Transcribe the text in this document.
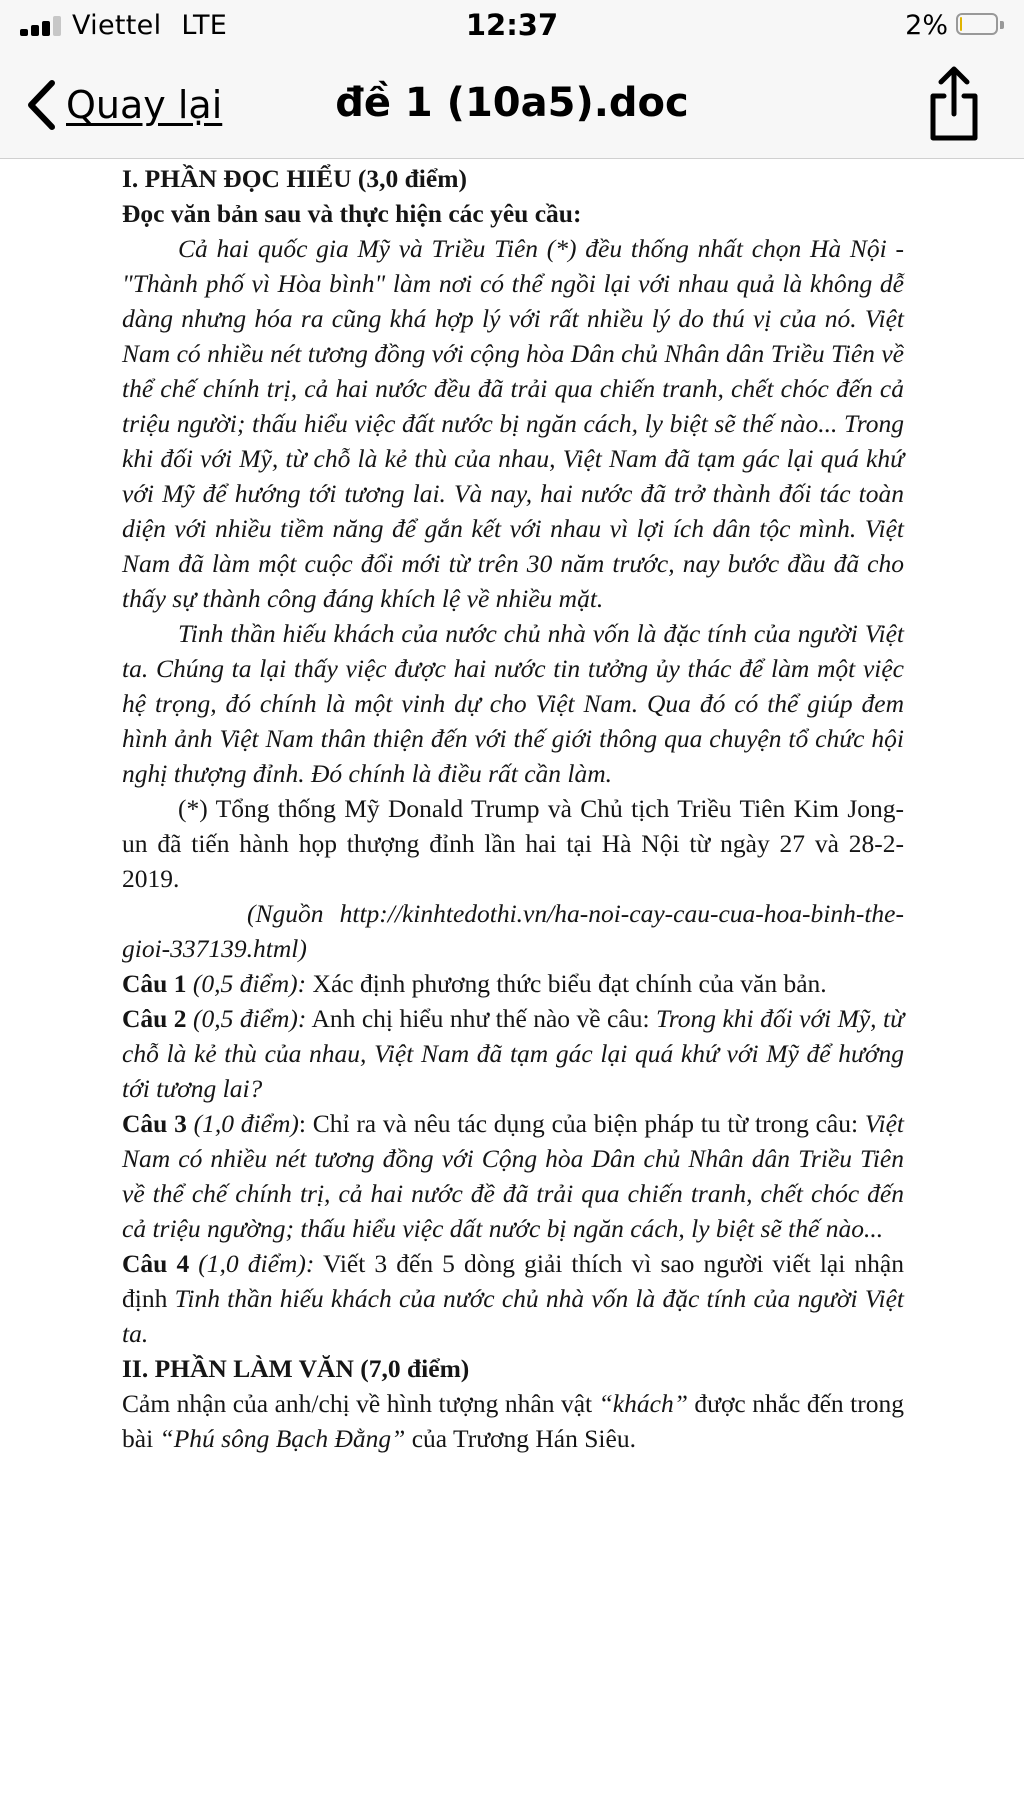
Viettel LTE	12:37	2%
Quay lại	đề 1 (10a5).doc

I. PHẦN ĐỌC HIỂU (3,0 điểm)

Đọc văn bản sau và thực hiện các yêu cầu:

Cả hai quốc gia Mỹ và Triều Tiên (*) đều thống nhất chọn Hà Nội - "Thành phố vì Hòa bình" làm nơi có thể ngồi lại với nhau quả là không dễ dàng nhưng hóa ra cũng khá hợp lý với rất nhiều lý do thú vị của nó. Việt Nam có nhiều nét tương đồng với cộng hòa Dân chủ Nhân dân Triều Tiên về thể chế chính trị, cả hai nước đều đã trải qua chiến tranh, chết chóc đến cả triệu người; thấu hiểu việc đất nước bị ngăn cách, ly biệt sẽ thế nào... Trong khi đối với Mỹ, từ chỗ là kẻ thù của nhau, Việt Nam đã tạm gác lại quá khứ với Mỹ để hướng tới tương lai. Và nay, hai nước đã trở thành đối tác toàn diện với nhiều tiềm năng để gắn kết với nhau vì lợi ích dân tộc mình. Việt Nam đã làm một cuộc đổi mới từ trên 30 năm trước, nay bước đầu đã cho thấy sự thành công đáng khích lệ về nhiều mặt.

Tinh thần hiếu khách của nước chủ nhà vốn là đặc tính của người Việt ta. Chúng ta lại thấy việc được hai nước tin tưởng ủy thác để làm một việc hệ trọng, đó chính là một vinh dự cho Việt Nam. Qua đó có thể giúp đem hình ảnh Việt Nam thân thiện đến với thế giới thông qua chuyện tổ chức hội nghị thượng đỉnh. Đó chính là điều rất cần làm.

(*) Tổng thống Mỹ Donald Trump và Chủ tịch Triều Tiên Kim Jong-un đã tiến hành họp thượng đỉnh lần hai tại Hà Nội từ ngày 27 và 28-2-2019.

(Nguồn http://kinhtedothi.vn/ha-noi-cay-cau-cua-hoa-binh-the-gioi-337139.html)

Câu 1 (0,5 điểm): Xác định phương thức biểu đạt chính của văn bản.

Câu 2 (0,5 điểm): Anh chị hiểu như thế nào về câu: Trong khi đối với Mỹ, từ chỗ là kẻ thù của nhau, Việt Nam đã tạm gác lại quá khứ với Mỹ để hướng tới tương lai?

Câu 3 (1,0 điểm): Chỉ ra và nêu tác dụng của biện pháp tu từ trong câu: Việt Nam có nhiều nét tương đồng với Cộng hòa Dân chủ Nhân dân Triều Tiên về thể chế chính trị, cả hai nước đề đã trải qua chiến tranh, chết chóc đến cả triệu ngường; thấu hiểu việc dất nước bị ngăn cách, ly biệt sẽ thế nào...

Câu 4 (1,0 điểm): Viết 3 đến 5 dòng giải thích vì sao người viết lại nhận định Tinh thần hiếu khách của nước chủ nhà vốn là đặc tính của người Việt ta.

II. PHẦN LÀM VĂN (7,0 điểm)

Cảm nhận của anh/chị về hình tượng nhân vật “khách” được nhắc đến trong bài “Phú sông Bạch Đằng” của Trương Hán Siêu.
